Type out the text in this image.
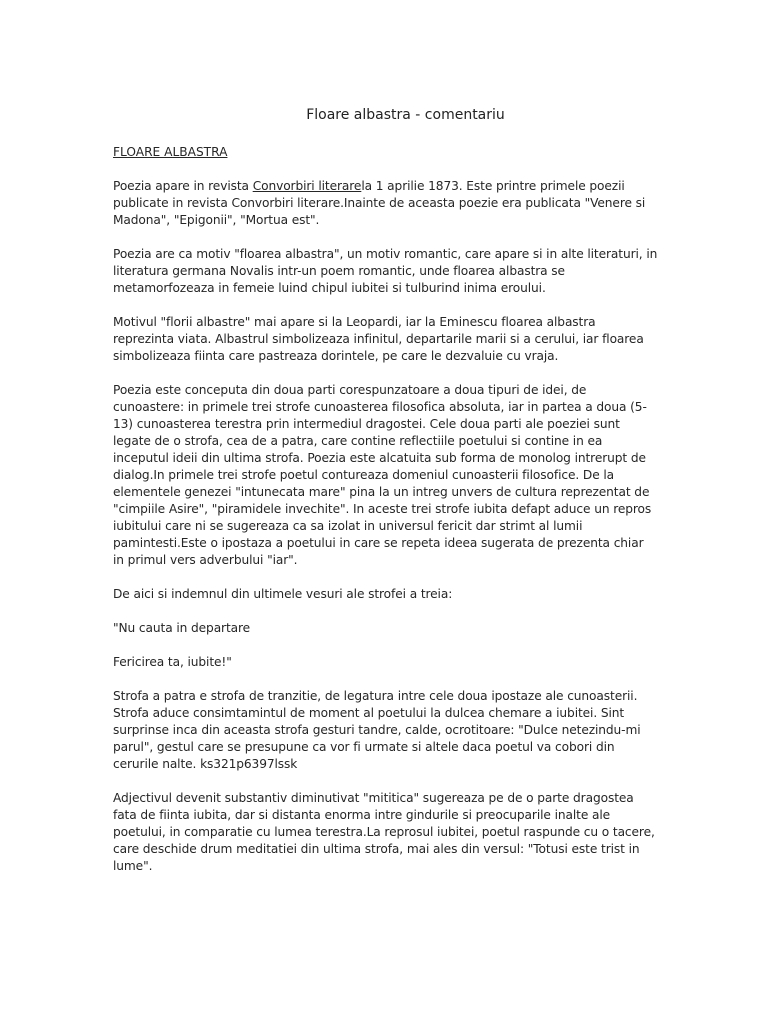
Floare albastra - comentariu
FLOARE ALBASTRA

Poezia apare in revista Convorbiri literarela 1 aprilie 1873. Este printre primele poezii publicate in revista Convorbiri literare.Inainte de aceasta poezie era publicata "Venere si Madona", "Epigonii", "Mortua est".

Poezia are ca motiv "floarea albastra", un motiv romantic, care apare si in alte literaturi, in literatura germana Novalis intr-un poem romantic, unde floarea albastra se metamorfozeaza in femeie luind chipul iubitei si tulburind inima eroului.

Motivul "florii albastre" mai apare si la Leopardi, iar la Eminescu floarea albastra reprezinta viata. Albastrul simbolizeaza infinitul, departarile marii si a cerului, iar floarea simbolizeaza fiinta care pastreaza dorintele, pe care le dezvaluie cu vraja.

Poezia este conceputa din doua parti corespunzatoare a doua tipuri de idei, de cunoastere: in primele trei strofe cunoasterea filosofica absoluta, iar in partea a doua (5-13) cunoasterea terestra prin intermediul dragostei. Cele doua parti ale poeziei sunt legate de o strofa, cea de a patra, care contine reflectiile poetului si contine in ea inceputul ideii din ultima strofa. Poezia este alcatuita sub forma de monolog intrerupt de dialog.In primele trei strofe poetul contureaza domeniul cunoasterii filosofice. De la elementele genezei "intunecata mare" pina la un intreg unvers de cultura reprezentat de "cimpiile Asire", "piramidele invechite". In aceste trei strofe iubita defapt aduce un repros iubitului care ni se sugereaza ca sa izolat in universul fericit dar strimt al lumii pamintesti.Este o ipostaza a poetului in care se repeta ideea sugerata de prezenta chiar in primul vers adverbului "iar".

De aici si indemnul din ultimele vesuri ale strofei a treia:

"Nu cauta in departare

Fericirea ta, iubite!"

Strofa a patra e strofa de tranzitie, de legatura intre cele doua ipostaze ale cunoasterii. Strofa aduce consimtamintul de moment al poetului la dulcea chemare a iubitei. Sint surprinse inca din aceasta strofa gesturi tandre, calde, ocrotitoare: "Dulce netezindu-mi parul", gestul care se presupune ca vor fi urmate si altele daca poetul va cobori din cerurile nalte. ks321p6397lssk

Adjectivul devenit substantiv diminutivat "mititica" sugereaza pe de o parte dragostea fata de fiinta iubita, dar si distanta enorma intre gindurile si preocuparile inalte ale poetului, in comparatie cu lumea terestra.La reprosul iubitei, poetul raspunde cu o tacere, care deschide drum meditatiei din ultima strofa, mai ales din versul: "Totusi este trist in lume".
